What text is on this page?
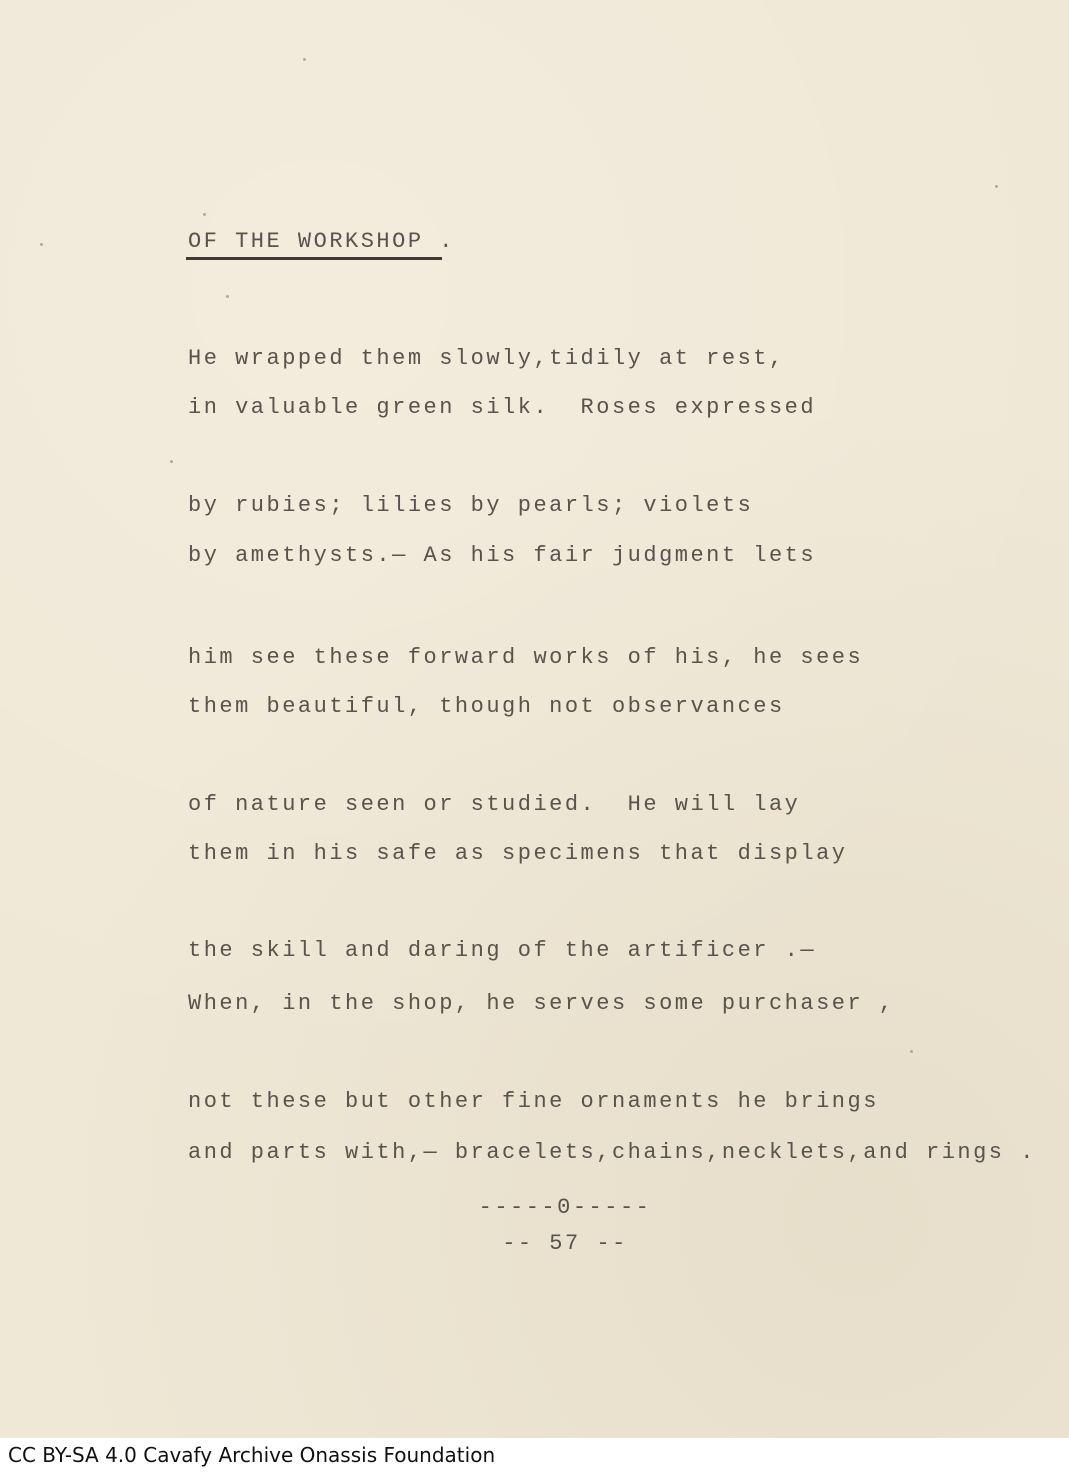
OF THE WORKSHOP .
He wrapped them slowly,tidily at rest,
in valuable green silk.  Roses expressed
by rubies; lilies by pearls; violets
by amethysts.— As his fair judgment lets
him see these forward works of his, he sees
them beautiful, though not observances
of nature seen or studied.  He will lay
them in his safe as specimens that display
the skill and daring of the artificer .—
When, in the shop, he serves some purchaser ,
not these but other fine ornaments he brings
and parts with,— bracelets,chains,necklets,and rings .
-----0-----
-- 57 --
CC BY-SA 4.0 Cavafy Archive Onassis Foundation
